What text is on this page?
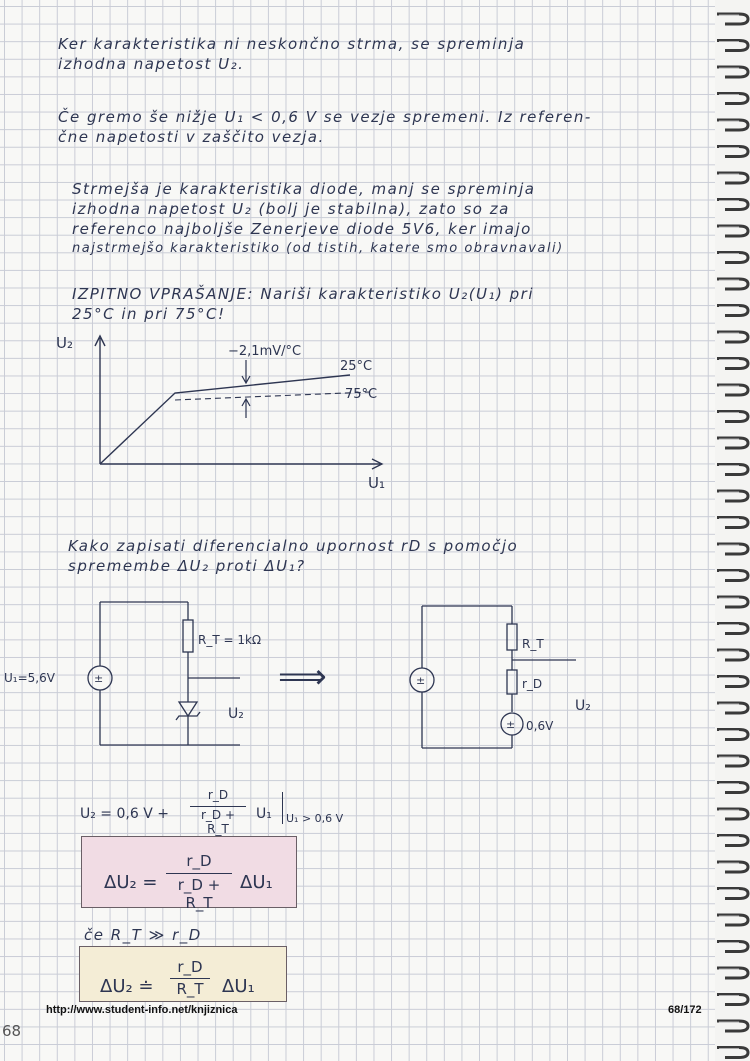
Ker karakteristika ni neskončno strma, se spreminja
izhodna napetost U₂.
Če gremo še nižje U₁ < 0,6 V se vezje spremeni. Iz referen-
čne napetosti v zaščito vezja.
Strmejša je karakteristika diode, manj se spreminja
izhodna napetost U₂ (bolj je stabilna), zato so za
referenco najboljše Zenerjeve diode 5V6, ker imajo
najstrmejšo karakteristiko (od tistih, katere smo obravnavali)
IZPITNO VPRAŠANJE: Nariši karakteristiko U₂(U₁) pri
25°C in pri 75°C!
U₂
U₁
−2,1mV/°C
25°C
75°C
Kako zapisati diferencialno upornost rD s pomočjo
spremembe ΔU₂ proti ΔU₁?
±
U₁=5,6V
R_T = 1kΩ
U₂
⟹	±
±
R_T
r_D
0,6V
U₂
U₂ = 0,6 V +
r_D
r_D + R_T
U₁ U₁ > 0,6 V
ΔU₂ =
r_D
r_D + R_T
ΔU₁
če R_T ≫ r_D
ΔU₂ ≐
r_D
R_T	ΔU₁
http://www.student-info.net/knjiznica	68/172
68
